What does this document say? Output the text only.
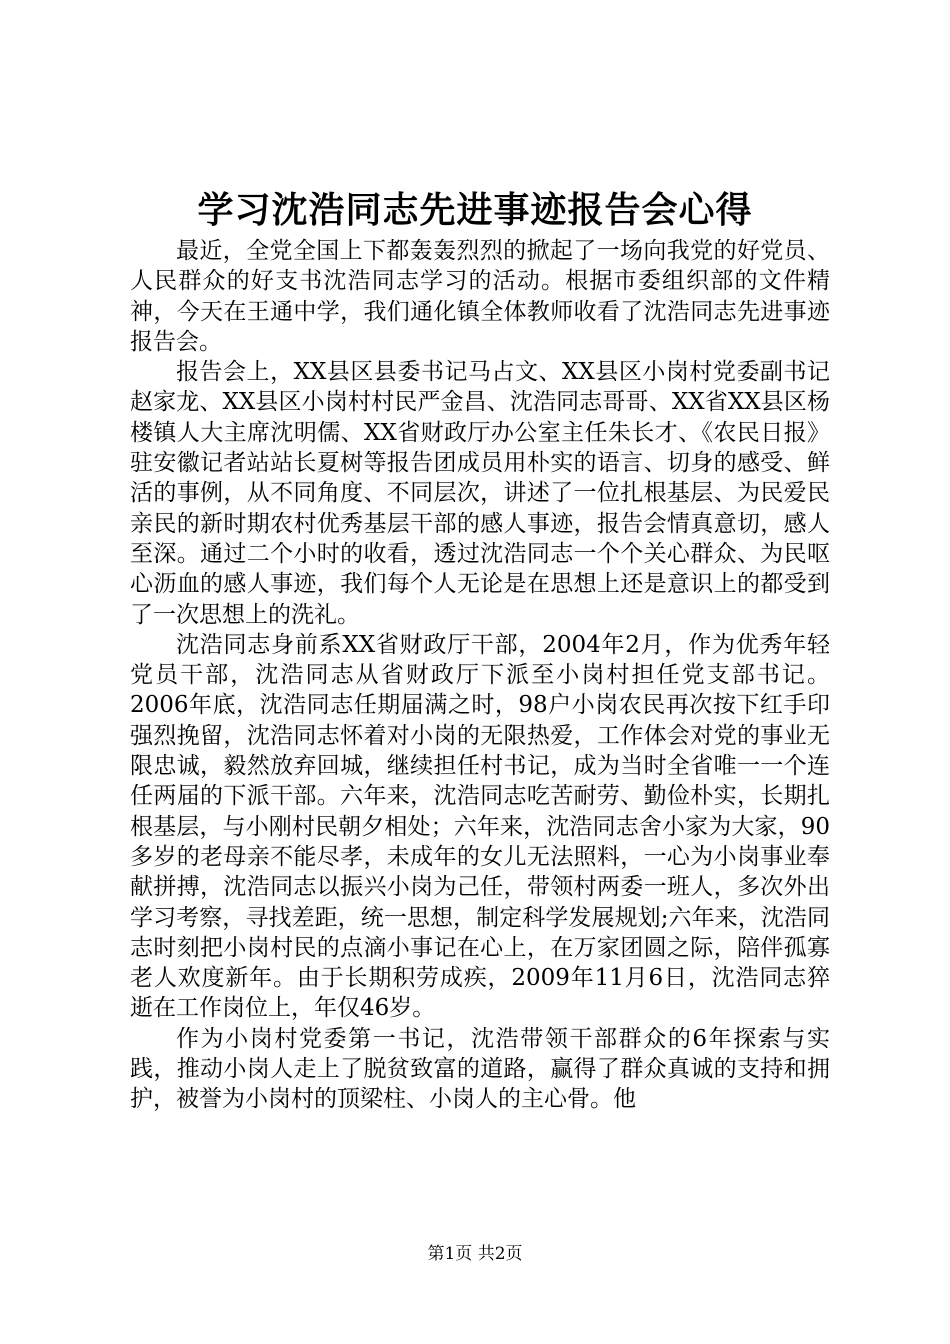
学习沈浩同志先进事迹报告会心得

最近，全党全国上下都轰轰烈烈的掀起了一场向我党的好党员、人民群众的好支书沈浩同志学习的活动。根据市委组织部的文件精神，今天在王通中学，我们通化镇全体教师收看了沈浩同志先进事迹报告会。

报告会上，XX县区县委书记马占文、XX县区小岗村党委副书记赵家龙、XX县区小岗村村民严金昌、沈浩同志哥哥、XX省XX县区杨楼镇人大主席沈明儒、XX省财政厅办公室主任朱长才、《农民日报》驻安徽记者站站长夏树等报告团成员用朴实的语言、切身的感受、鲜活的事例，从不同角度、不同层次，讲述了一位扎根基层、为民爱民亲民的新时期农村优秀基层干部的感人事迹，报告会情真意切，感人至深。通过二个小时的收看，透过沈浩同志一个个关心群众、为民呕心沥血的感人事迹，我们每个人无论是在思想上还是意识上的都受到了一次思想上的洗礼。

沈浩同志身前系XX省财政厅干部，2004年2月，作为优秀年轻党员干部，沈浩同志从省财政厅下派至小岗村担任党支部书记。2006年底，沈浩同志任期届满之时，98户小岗农民再次按下红手印强烈挽留，沈浩同志怀着对小岗的无限热爱，工作体会对党的事业无限忠诚，毅然放弃回城，继续担任村书记，成为当时全省唯一一个连任两届的下派干部。六年来，沈浩同志吃苦耐劳、勤俭朴实，长期扎根基层，与小刚村民朝夕相处；六年来，沈浩同志舍小家为大家，90多岁的老母亲不能尽孝，未成年的女儿无法照料，一心为小岗事业奉献拼搏，沈浩同志以振兴小岗为己任，带领村两委一班人，多次外出学习考察，寻找差距，统一思想，制定科学发展规划;六年来，沈浩同志时刻把小岗村民的点滴小事记在心上，在万家团圆之际，陪伴孤寡老人欢度新年。由于长期积劳成疾，2009年11月6日，沈浩同志猝逝在工作岗位上，年仅46岁。

作为小岗村党委第一书记，沈浩带领干部群众的6年探索与实践，推动小岗人走上了脱贫致富的道路，赢得了群众真诚的支持和拥护，被誉为小岗村的顶梁柱、小岗人的主心骨。他

第1页 共2页
